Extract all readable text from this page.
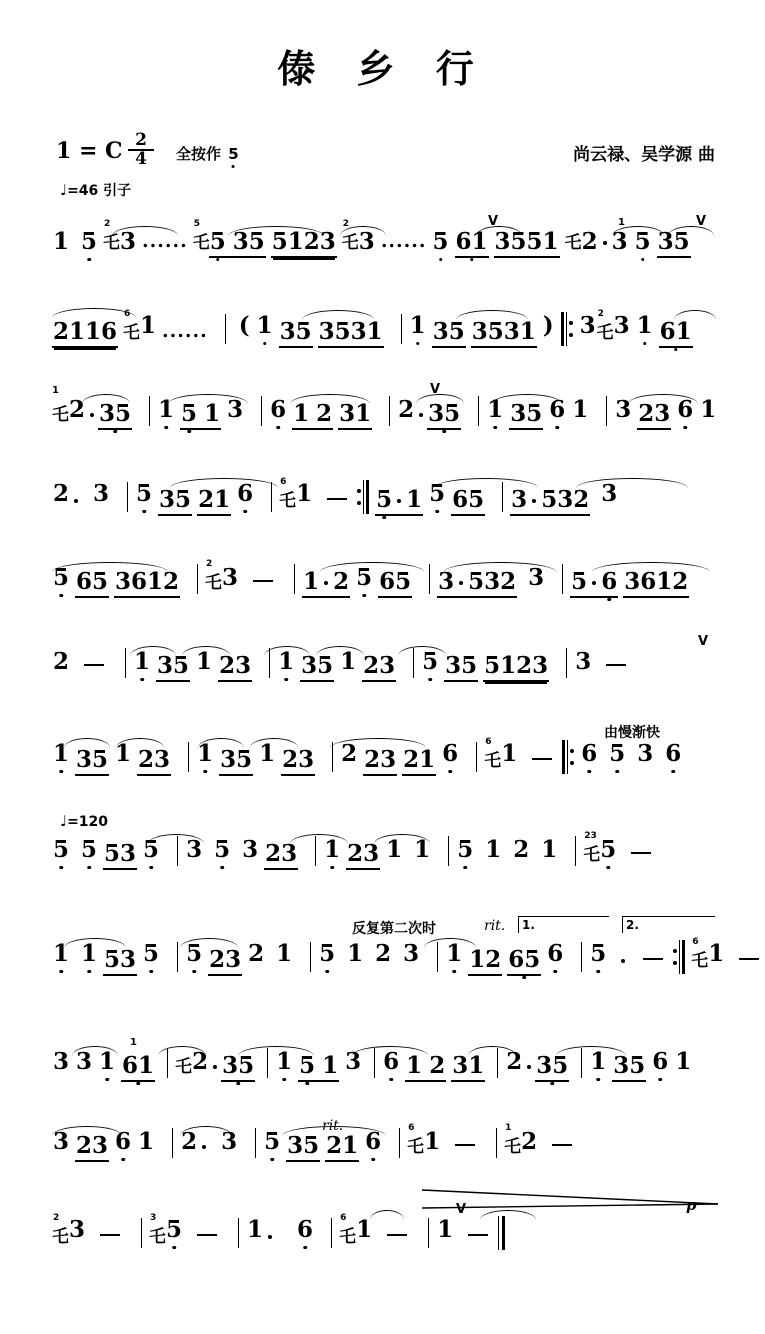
傣 乡 行
1 = C $\frac{2}{4}$ 全按作 5	尚云禄、吴学源 曲
♩=46 引子
♩=120
由慢渐快
反复第二次时	rit.
rit.
1 5
2
乇3 ......
5
乇5 35 5123
2
乇3 ...... 5 61 3551 乇2 3 5 35
V	V
1
2116
6
乇1 ...... ( 1 35 3531 1 35 3531 ) 3 2
乇3 1 61
乇2 35 1 5 1 3 6 1 2 31 2 35 1 35 6 1 3 23 6 1
1	V
2 3 5 35 21 6	6
乇1	5 1 5 65 3 532 3
5 65 3612
2
乇3	1 2 5 65 3 532 3 5 6 3612
2	1 35 1 23 1 35 1 23 5 35 5123 3
V
1 35 1 23 1 35 1 23 2 23 21 6	6
乇1	6 5 3 6
5 5 53 5 3 5 3 23 1 23 1 1 5 1 2 1	23
乇5
1 1 53 5 5 23 2 1 5 1 2 3 1 12 65 6 5	6
乇1
1.	2.
3 3 1 61 乇2 35 1 5 1 3 6 1 2 31 2 35 1 35 6 1
1
3 23 6 1 2 3 5 35 21 6	6
乇1	1
乇2
2
乇3	3
乇5	1 6	6
乇1	1
V
